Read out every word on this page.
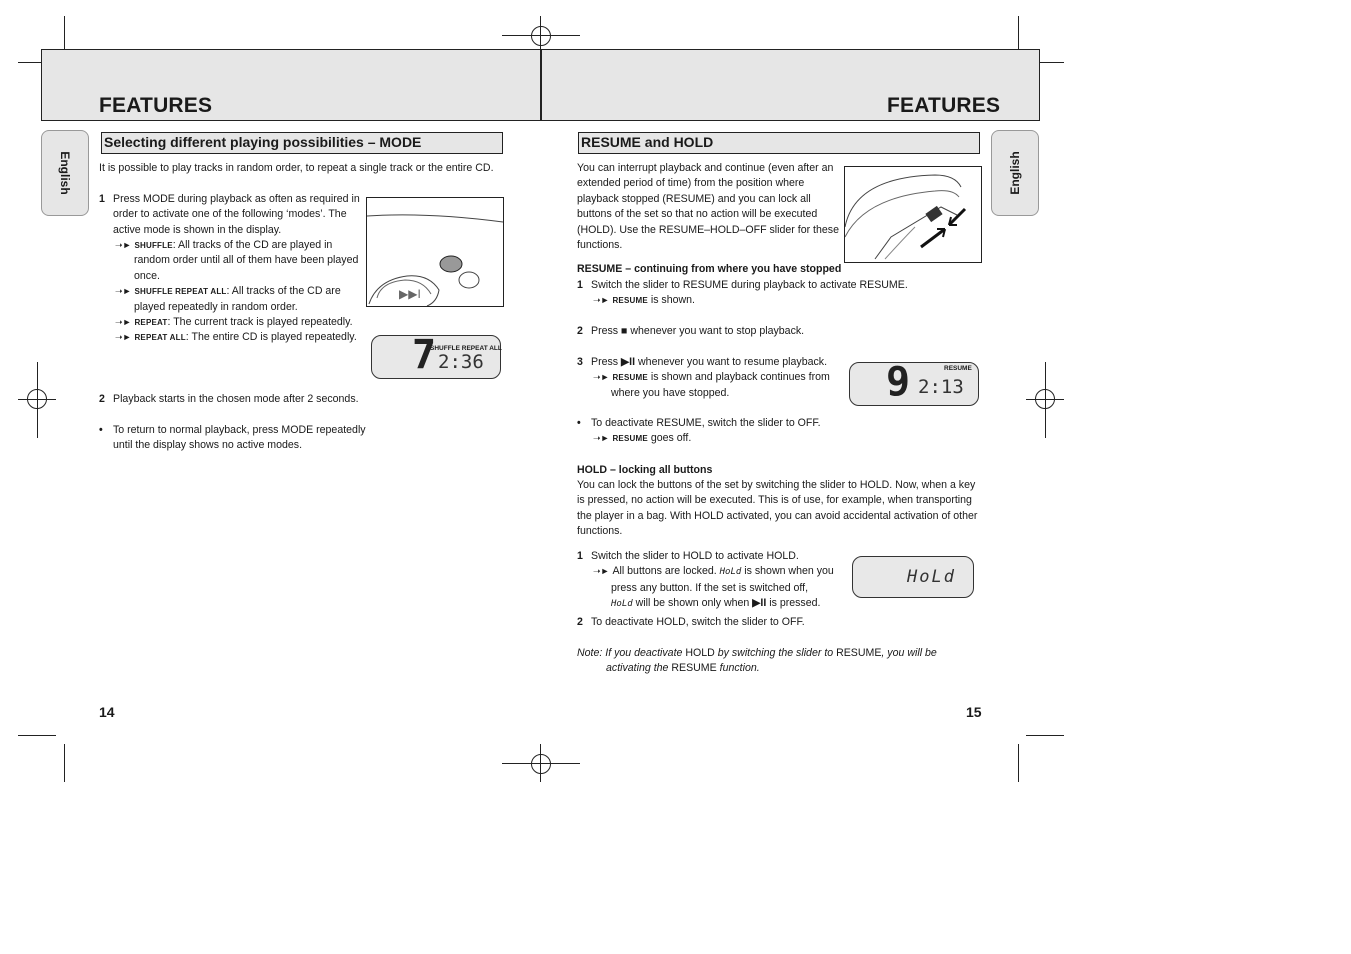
FEATURES	FEATURES
English	English
Selecting different playing possibilities – MODE
It is possible to play tracks in random order, to repeat a single track or the entire CD.
1 Press MODE during playback as often as required in order to activate one of the following ‘modes’. The active mode is shown in the display.
➝► SHUFFLE: All tracks of the CD are played in random order until all of them have been played once.
➝► SHUFFLE REPEAT ALL: All tracks of the CD are played repeatedly in random order.
➝► REPEAT: The current track is played repeatedly.
➝► REPEAT ALL: The entire CD is played repeatedly.
▶▶I
7
SHUFFLE REPEAT ALL
2:36
2 Playback starts in the chosen mode after 2 seconds.
• To return to normal playback, press MODE repeatedly until the display shows no active modes.
14
RESUME and HOLD
You can interrupt playback and continue (even after an extended period of time) from the position where playback stopped (RESUME) and you can lock all buttons of the set so that no action will be executed (HOLD). Use the RESUME–HOLD–OFF slider for these functions.
RESUME – continuing from where you have stopped
1 Switch the slider to RESUME during playback to activate RESUME.
➝► RESUME is shown.
2 Press ■ whenever you want to stop playback.
3 Press ▶II whenever you want to resume playback.
➝► RESUME is shown and playback continues from where you have stopped.	9	RESUME
2:13
• To deactivate RESUME, switch the slider to OFF.
➝► RESUME goes off.
HOLD – locking all buttons
You can lock the buttons of the set by switching the slider to HOLD. Now, when a key is pressed, no action will be executed. This is of use, for example, when transporting the player in a bag. With HOLD activated, you can avoid accidental activation of other functions.
1 Switch the slider to HOLD to activate HOLD.
➝► All buttons are locked. HoLd is shown when you press any button. If the set is switched off,
HoLd will be shown only when ▶II is pressed.
HoLd
2 To deactivate HOLD, switch the slider to OFF.
Note: If you deactivate HOLD by switching the slider to RESUME, you will be activating the RESUME function.
15
